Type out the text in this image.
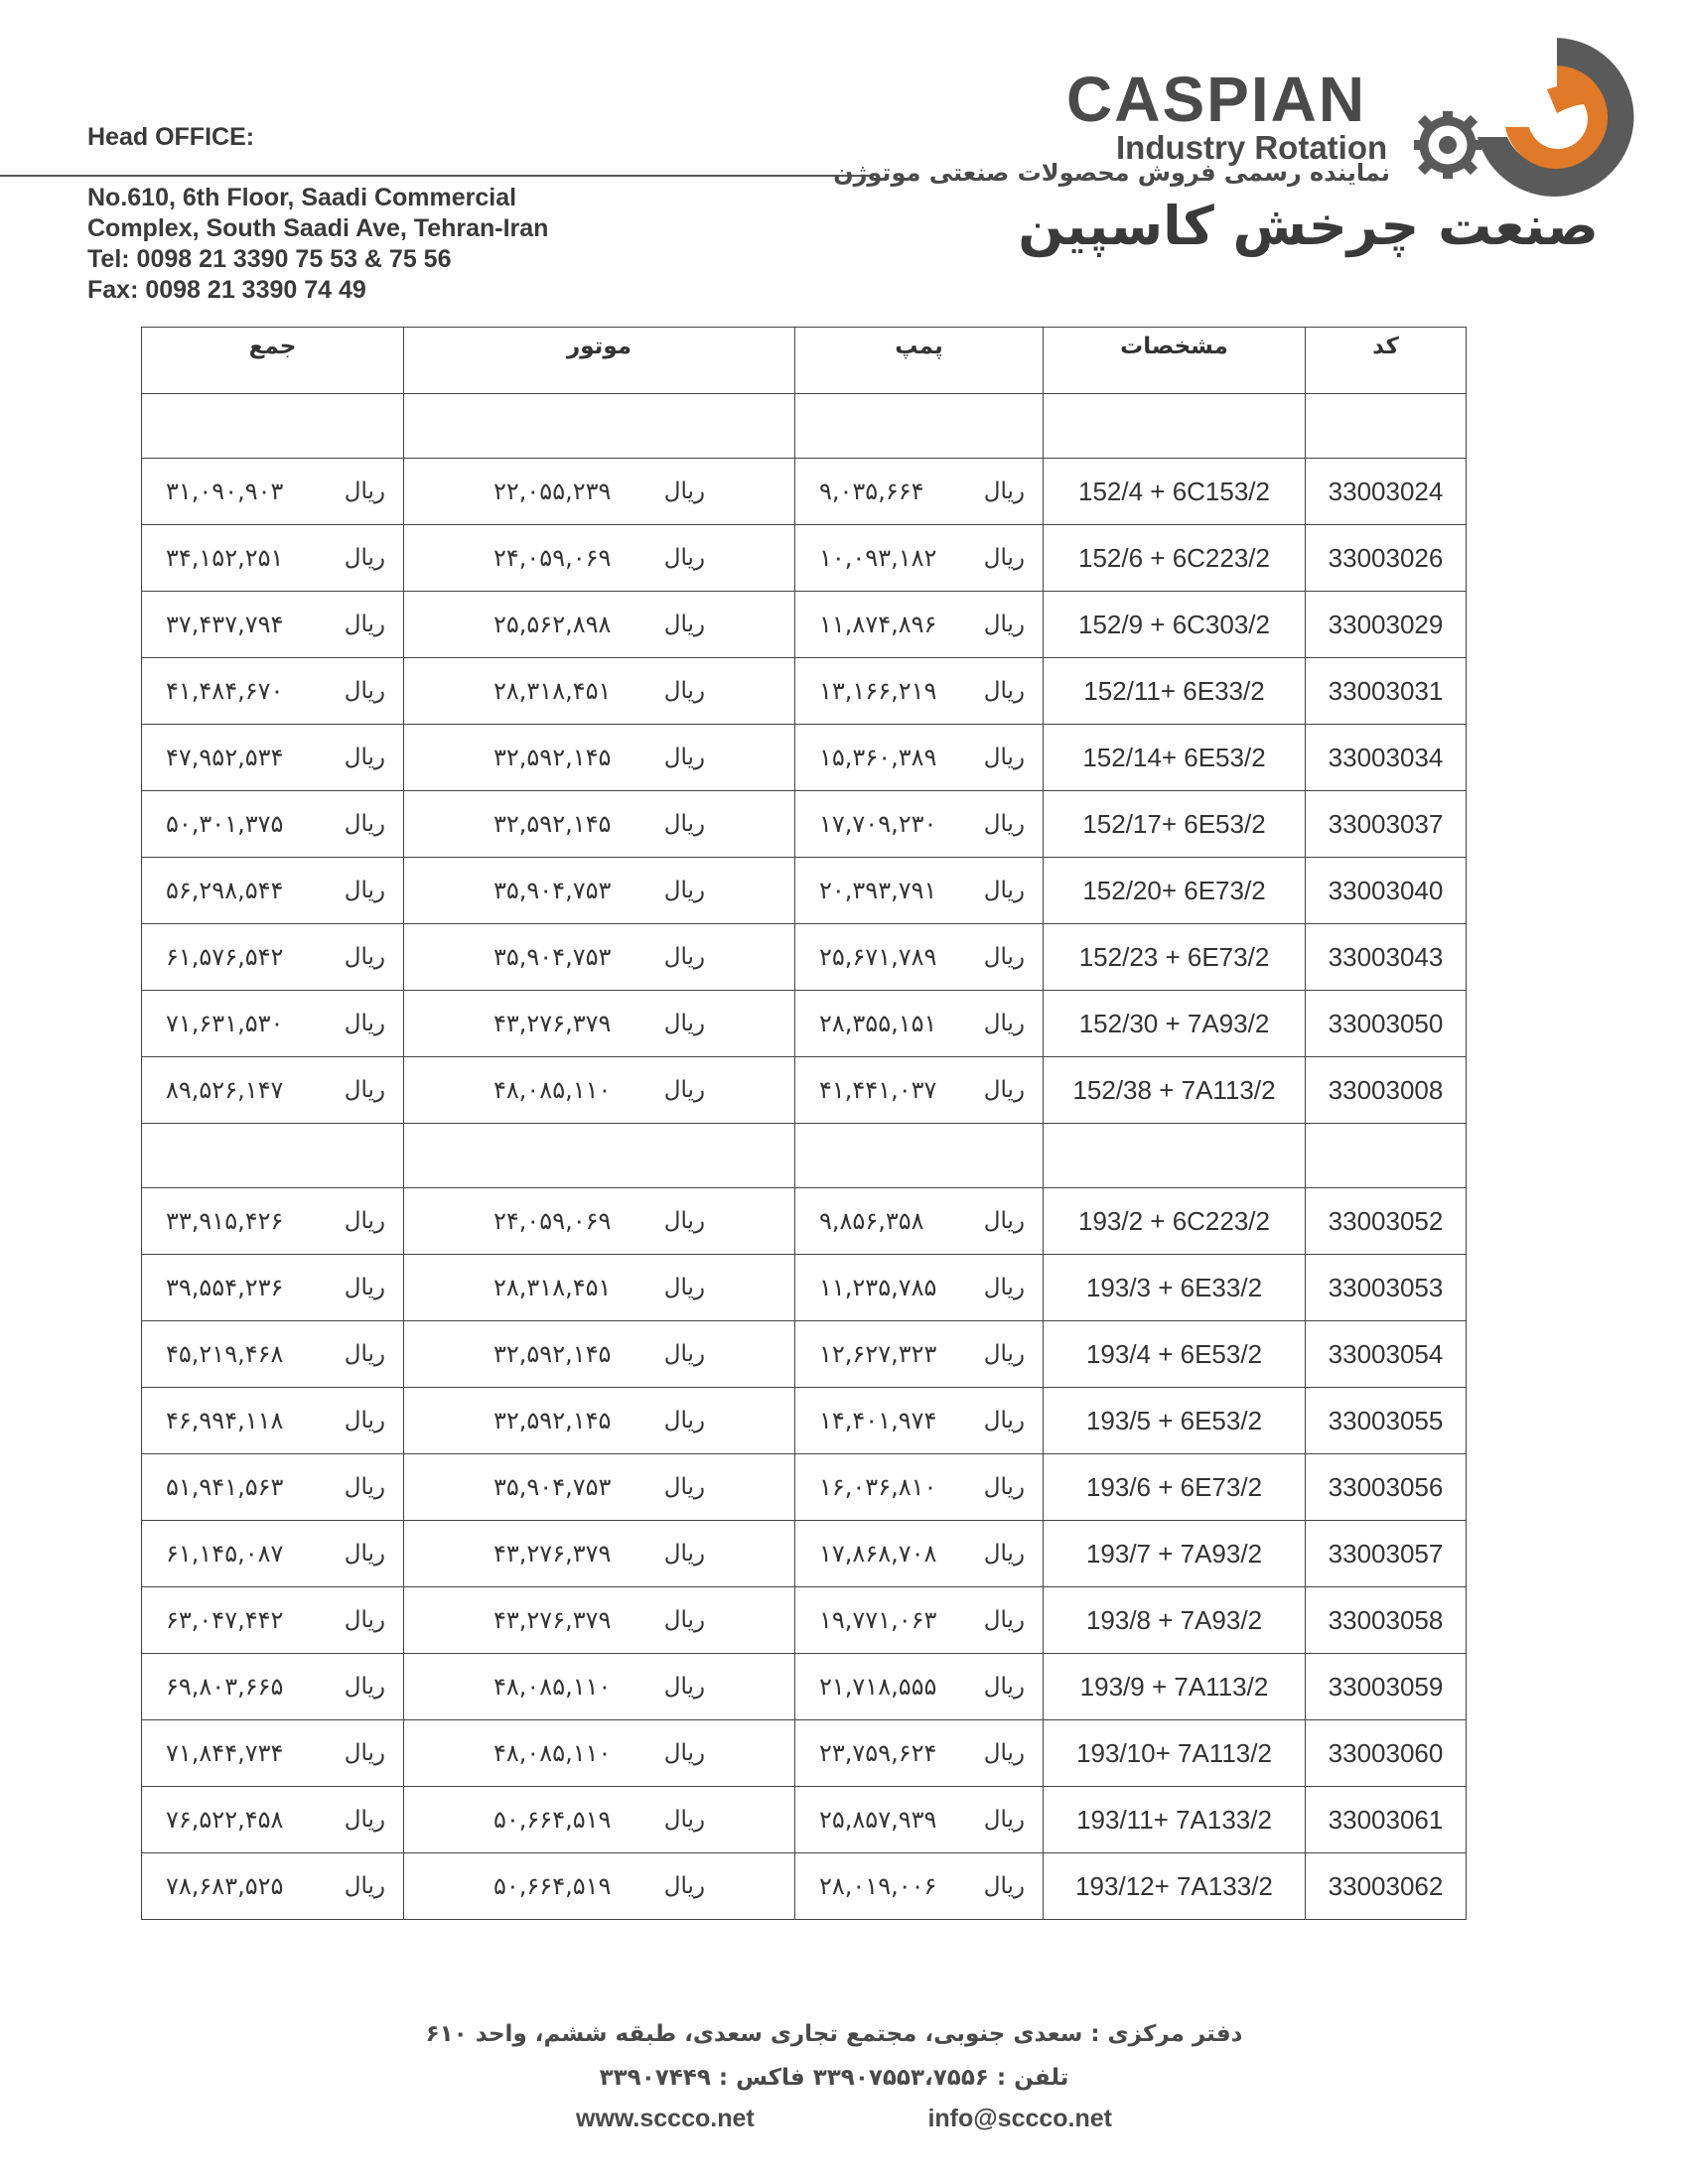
Head OFFICE:
No.610, 6th Floor, Saadi Commercial
Complex, South Saadi Ave, Tehran-Iran
Tel: 0098 21 3390 75 53 & 75 56
Fax: 0098 21 3390 74 49
CASPIAN
Industry Rotation
نماینده رسمی فروش محصولات صنعتی موتوژن
صنعت چرخش کاسپین
جمع	موتور	پمپ	مشخصات	کد

۳۱,۰۹۰,۹۰۳ ریال	۲۲,۰۵۵,۲۳۹ ریال	۹,۰۳۵,۶۶۴ ریال	152/4 + 6C153/2	33003024

۳۴,۱۵۲,۲۵۱ ریال	۲۴,۰۵۹,۰۶۹ ریال	۱۰,۰۹۳,۱۸۲ ریال	152/6 + 6C223/2	33003026

۳۷,۴۳۷,۷۹۴ ریال	۲۵,۵۶۲,۸۹۸ ریال	۱۱,۸۷۴,۸۹۶ ریال	152/9 + 6C303/2	33003029

۴۱,۴۸۴,۶۷۰ ریال	۲۸,۳۱۸,۴۵۱ ریال	۱۳,۱۶۶,۲۱۹ ریال	152/11+ 6E33/2	33003031

۴۷,۹۵۲,۵۳۴ ریال	۳۲,۵۹۲,۱۴۵ ریال	۱۵,۳۶۰,۳۸۹ ریال	152/14+ 6E53/2	33003034

۵۰,۳۰۱,۳۷۵ ریال	۳۲,۵۹۲,۱۴۵ ریال	۱۷,۷۰۹,۲۳۰ ریال	152/17+ 6E53/2	33003037

۵۶,۲۹۸,۵۴۴ ریال	۳۵,۹۰۴,۷۵۳ ریال	۲۰,۳۹۳,۷۹۱ ریال	152/20+ 6E73/2	33003040

۶۱,۵۷۶,۵۴۲ ریال	۳۵,۹۰۴,۷۵۳ ریال	۲۵,۶۷۱,۷۸۹ ریال	152/23 + 6E73/2	33003043

۷۱,۶۳۱,۵۳۰ ریال	۴۳,۲۷۶,۳۷۹ ریال	۲۸,۳۵۵,۱۵۱ ریال	152/30 + 7A93/2	33003050

۸۹,۵۲۶,۱۴۷ ریال	۴۸,۰۸۵,۱۱۰ ریال	۴۱,۴۴۱,۰۳۷ ریال	152/38 + 7A113/2	33003008

۳۳,۹۱۵,۴۲۶ ریال	۲۴,۰۵۹,۰۶۹ ریال	۹,۸۵۶,۳۵۸ ریال	193/2 + 6C223/2	33003052

۳۹,۵۵۴,۲۳۶ ریال	۲۸,۳۱۸,۴۵۱ ریال	۱۱,۲۳۵,۷۸۵ ریال	193/3 + 6E33/2	33003053

۴۵,۲۱۹,۴۶۸ ریال	۳۲,۵۹۲,۱۴۵ ریال	۱۲,۶۲۷,۳۲۳ ریال	193/4 + 6E53/2	33003054

۴۶,۹۹۴,۱۱۸ ریال	۳۲,۵۹۲,۱۴۵ ریال	۱۴,۴۰۱,۹۷۴ ریال	193/5 + 6E53/2	33003055

۵۱,۹۴۱,۵۶۳ ریال	۳۵,۹۰۴,۷۵۳ ریال	۱۶,۰۳۶,۸۱۰ ریال	193/6 + 6E73/2	33003056

۶۱,۱۴۵,۰۸۷ ریال	۴۳,۲۷۶,۳۷۹ ریال	۱۷,۸۶۸,۷۰۸ ریال	193/7 + 7A93/2	33003057

۶۳,۰۴۷,۴۴۲ ریال	۴۳,۲۷۶,۳۷۹ ریال	۱۹,۷۷۱,۰۶۳ ریال	193/8 + 7A93/2	33003058

۶۹,۸۰۳,۶۶۵ ریال	۴۸,۰۸۵,۱۱۰ ریال	۲۱,۷۱۸,۵۵۵ ریال	193/9 + 7A113/2	33003059

۷۱,۸۴۴,۷۳۴ ریال	۴۸,۰۸۵,۱۱۰ ریال	۲۳,۷۵۹,۶۲۴ ریال	193/10+ 7A113/2	33003060

۷۶,۵۲۲,۴۵۸ ریال	۵۰,۶۶۴,۵۱۹ ریال	۲۵,۸۵۷,۹۳۹ ریال	193/11+ 7A133/2	33003061

۷۸,۶۸۳,۵۲۵ ریال	۵۰,۶۶۴,۵۱۹ ریال	۲۸,۰۱۹,۰۰۶ ریال	193/12+ 7A133/2	33003062
دفتر مرکزی : سعدی جنوبی، مجتمع تجاری سعدی، طبقه ششم، واحد ۶۱۰
تلفن : ۳۳۹۰۷۵۵۳،۷۵۵۶ فاکس : ۳۳۹۰۷۴۴۹
www.sccco.net	info@sccco.net
